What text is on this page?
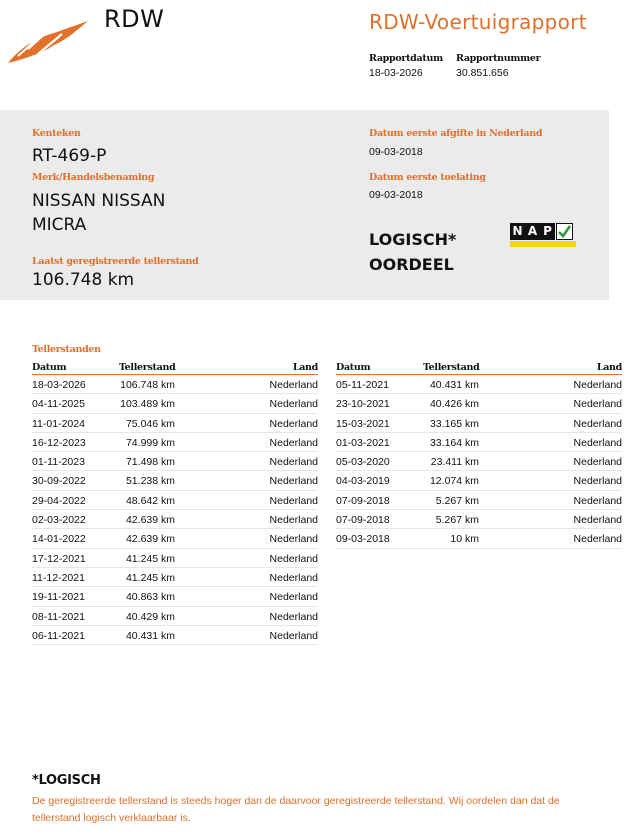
RDW	RDW-Voertuigrapport
Rapportdatum
18-03-2026
Rapportnummer
30.851.656
Kenteken
RT-469-P
Merk/Handelsbenaming
NISSAN NISSAN
MICRA
Laatst geregistreerde tellerstand
106.748 km
Datum eerste afgifte in Nederland
09-03-2018
Datum eerste toelating
09-03-2018
LOGISCH*
OORDEEL
N A P
Tellerstanden
Datum	Tellerstand	Land
18-03-2026	106.748 km	Nederland
04-11-2025	103.489 km	Nederland
11-01-2024	75.046 km	Nederland
16-12-2023	74.999 km	Nederland
01-11-2023	71.498 km	Nederland
30-09-2022	51.238 km	Nederland
29-04-2022	48.642 km	Nederland
02-03-2022	42.639 km	Nederland
14-01-2022	42.639 km	Nederland
17-12-2021	41.245 km	Nederland
11-12-2021	41.245 km	Nederland
19-11-2021	40.863 km	Nederland
08-11-2021	40.429 km	Nederland
06-11-2021	40.431 km	Nederland
Datum	Tellerstand	Land
05-11-2021	40.431 km	Nederland
23-10-2021	40.426 km	Nederland
15-03-2021	33.165 km	Nederland
01-03-2021	33.164 km	Nederland
05-03-2020	23.411 km	Nederland
04-03-2019	12.074 km	Nederland
07-09-2018	5.267 km	Nederland
07-09-2018	5.267 km	Nederland
09-03-2018	10 km	Nederland
*LOGISCH
De geregistreerde tellerstand is steeds hoger dan de daarvoor geregistreerde tellerstand. Wij oordelen dan dat de tellerstand logisch verklaarbaar is.
